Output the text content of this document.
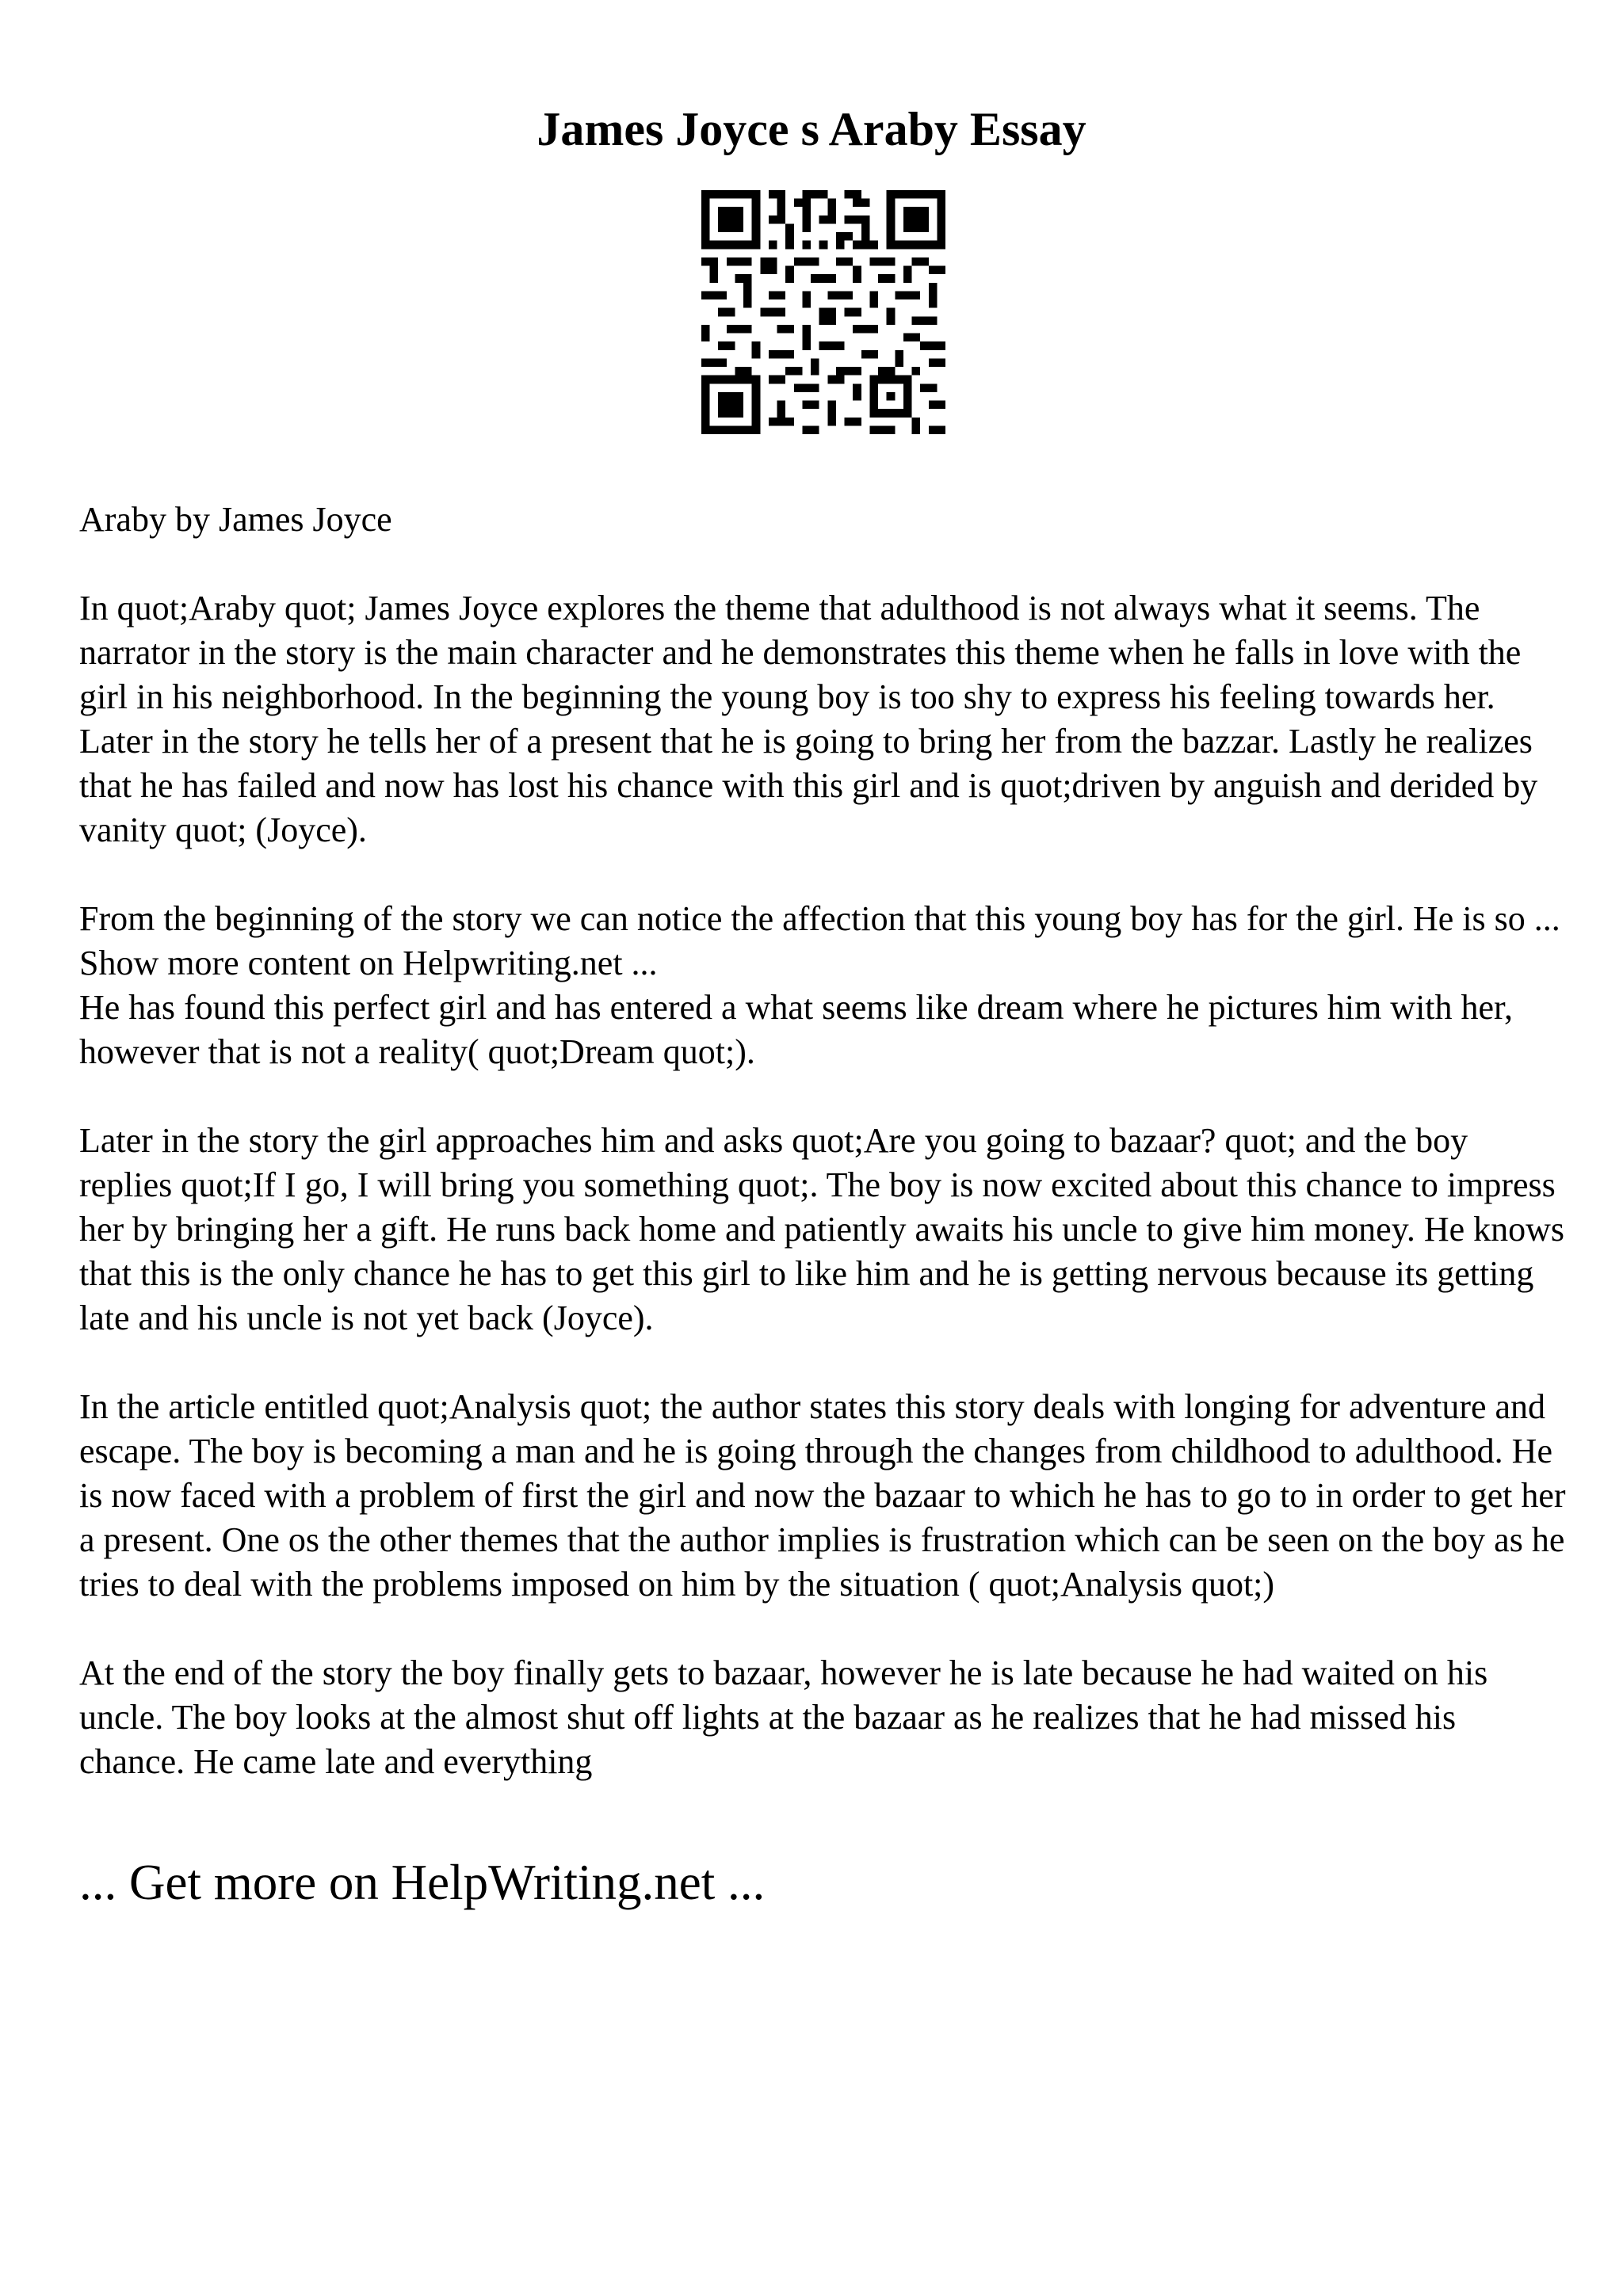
James Joyce s Araby Essay

Araby by James Joyce

In quot;Araby quot; James Joyce explores the theme that adulthood is not always what it seems. The narrator in the story is the main character and he demonstrates this theme when he falls in love with the girl in his neighborhood. In the beginning the young boy is too shy to express his feeling towards her. Later in the story he tells her of a present that he is going to bring her from the bazzar. Lastly he realizes that he has failed and now has lost his chance with this girl and is quot;driven by anguish and derided by vanity quot; (Joyce).

From the beginning of the story we can notice the affection that this young boy has for the girl. He is so ... Show more content on Helpwriting.net ...

He has found this perfect girl and has entered a what seems like dream where he pictures him with her, however that is not a reality( quot;Dream quot;).

Later in the story the girl approaches him and asks quot;Are you going to bazaar? quot; and the boy replies quot;If I go, I will bring you something quot;. The boy is now excited about this chance to impress her by bringing her a gift. He runs back home and patiently awaits his uncle to give him money. He knows that this is the only chance he has to get this girl to like him and he is getting nervous because its getting late and his uncle is not yet back (Joyce).

In the article entitled quot;Analysis quot; the author states this story deals with longing for adventure and escape. The boy is becoming a man and he is going through the changes from childhood to adulthood. He is now faced with a problem of first the girl and now the bazaar to which he has to go to in order to get her a present. One os the other themes that the author implies is frustration which can be seen on the boy as he tries to deal with the problems imposed on him by the situation ( quot;Analysis quot;)

At the end of the story the boy finally gets to bazaar, however he is late because he had waited on his uncle. The boy looks at the almost shut off lights at the bazaar as he realizes that he had missed his chance. He came late and everything

... Get more on HelpWriting.net ...
